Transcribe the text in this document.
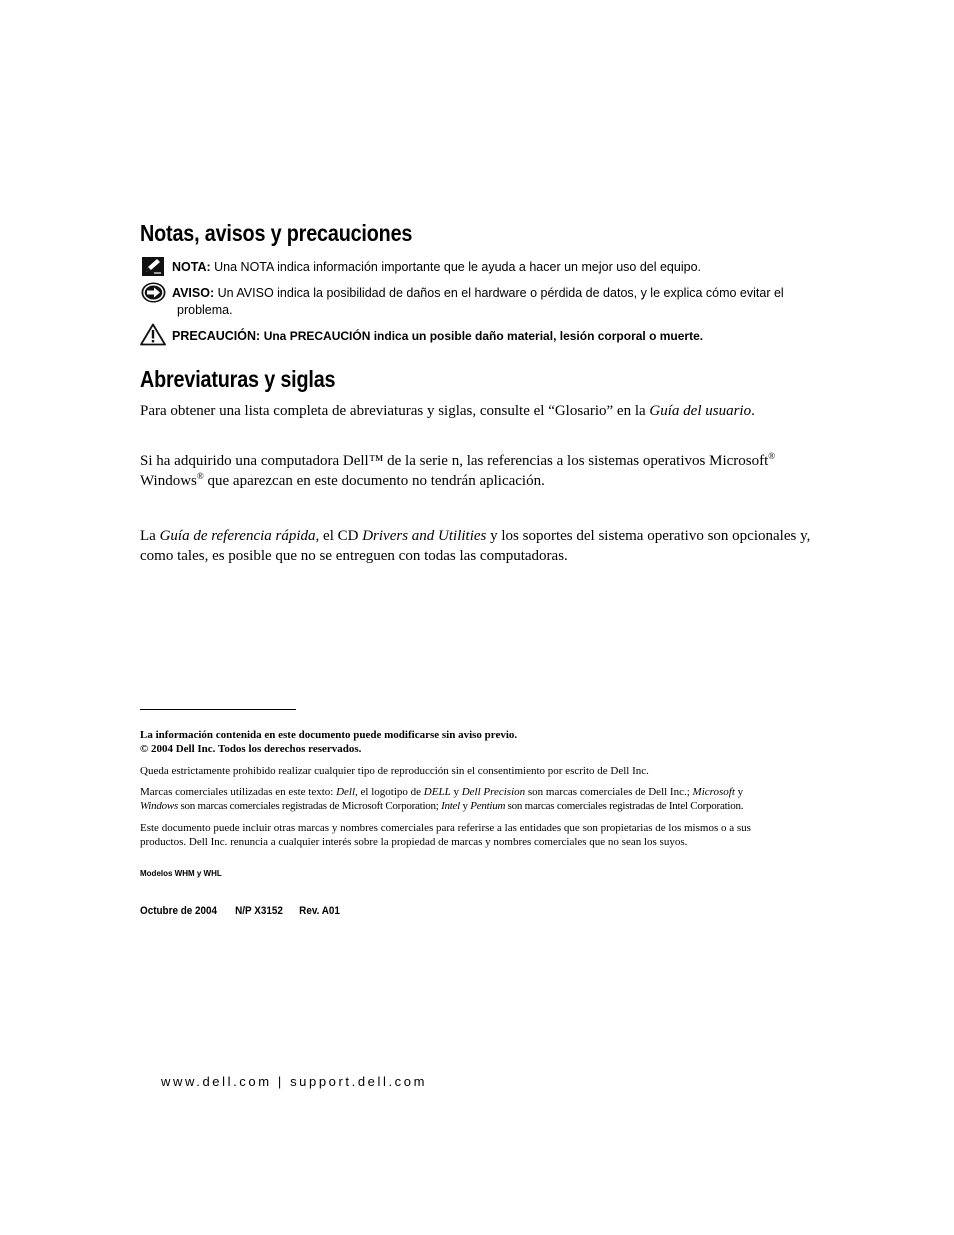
Notas, avisos y precauciones
NOTA: Una NOTA indica información importante que le ayuda a hacer un mejor uso del equipo.
AVISO: Un AVISO indica la posibilidad de daños en el hardware o pérdida de datos, y le explica cómo evitar el
problema.
PRECAUCIÓN: Una PRECAUCIÓN indica un posible daño material, lesión corporal o muerte.
Abreviaturas y siglas
Para obtener una lista completa de abreviaturas y siglas, consulte el “Glosario” en la Guía del usuario.
Si ha adquirido una computadora Dell™ de la serie n, las referencias a los sistemas operativos Microsoft®
Windows® que aparezcan en este documento no tendrán aplicación.
La Guía de referencia rápida, el CD Drivers and Utilities y los soportes del sistema operativo son opcionales y,
como tales, es posible que no se entreguen con todas las computadoras.
La información contenida en este documento puede modificarse sin aviso previo.
© 2004 Dell Inc. Todos los derechos reservados.
Queda estrictamente prohibido realizar cualquier tipo de reproducción sin el consentimiento por escrito de Dell Inc.
Marcas comerciales utilizadas en este texto: Dell, el logotipo de DELL y Dell Precision son marcas comerciales de Dell Inc.; Microsoft y
Windows son marcas comerciales registradas de Microsoft Corporation; Intel y Pentium son marcas comerciales registradas de Intel Corporation.
Este documento puede incluir otras marcas y nombres comerciales para referirse a las entidades que son propietarias de los mismos o a sus
productos. Dell Inc. renuncia a cualquier interés sobre la propiedad de marcas y nombres comerciales que no sean los suyos.
Modelos WHM y WHL
Octubre de 2004 N/P X3152 Rev. A01
www.dell.com | support.dell.com
